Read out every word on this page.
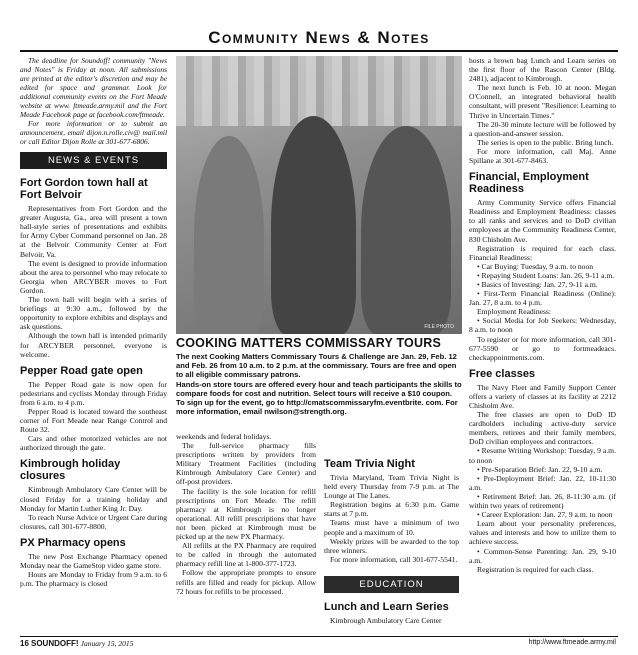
Community News & Notes

The deadline for Soundoff! community "News and Notes" is Friday at noon. All submissions are printed at the editor's discretion and may be edited for space and grammar. Look for additional community events on the Fort Meade website at www. ftmeade.army.mil and the Fort Meade Facebook page at facebook.com/ftmeade.

For more information or to submit an announcement, email dijon.n.rolle.civ@ mail.mil or call Editor Dijon Rolle at 301-677-6806.

NEWS & EVENTS
Fort Gordon town hall at Fort Belvoir

Representatives from Fort Gordon and the greater Augusta, Ga., area will present a town hall-style series of presentations and exhibits for Army Cyber Command personnel on Jan. 28 at the Belvoir Community Center at Fort Belvoir, Va.

The event is designed to provide information about the area to personnel who may relocate to Georgia when ARCYBER moves to Fort Gordon.

The town hall will begin with a series of briefings at 9:30 a.m., followed by the opportunity to explore exhibits and displays and ask questions.

Although the town hall is intended primarily for ARCYBER personnel, everyone is welcome.

Pepper Road gate open

The Pepper Road gate is now open for pedestrians and cyclists Monday through Friday from 6 a.m. to 4 p.m.

Pepper Road is located toward the southeast corner of Fort Meade near Range Control and Route 32.

Cars and other motorized vehicles are not authorized through the gate.

Kimbrough holiday closures

Kimbrough Ambulatory Care Center will be closed Friday for a training holiday and Monday for Martin Luther King Jr. Day.

To reach Nurse Advice or Urgent Care during closures, call 301-677-8800.

PX Pharmacy opens

The new Post Exchange Pharmacy opened Monday near the GameStop video game store.

Hours are Monday to Friday from 9 a.m. to 6 p.m. The pharmacy is closed

FILE PHOTO
COOKING MATTERS COMMISSARY TOURS

The next Cooking Matters Commissary Tours & Challenge are Jan. 29, Feb. 12 and Feb. 26 from 10 a.m. to 2 p.m. at the commissary. Tours are free and open to all eligible commissary patrons.

Hands-on store tours are offered every hour and teach participants the skills to compare foods for cost and nutrition. Select tours will receive a $10 coupon.

To sign up for the event, go to http://cmatscommissaryfm.eventbrite. com. For more information, email nwilson@strength.org.

weekends and federal holidays.

The full-service pharmacy fills prescriptions written by providers from Military Treatment Facilities (including Kimbrough Ambulatory Care Center) and off-post providers.

The facility is the sole location for refill prescriptions on Fort Meade. The refill pharmacy at Kimbrough is no longer operational. All refill prescriptions that have not been picked at Kimbrough must be picked up at the new PX Pharmacy.

All refills at the PX Pharmacy are required to be called in through the automated pharmacy refill line at 1-800-377-1723.

Follow the appropriate prompts to ensure refills are filled and ready for pickup. Allow 72 hours for refills to be processed.

Team Trivia Night

Trivia Maryland, Team Trivia Night is held every Thursday from 7-9 p.m. at The Lounge at The Lanes.

Registration begins at 6:30 p.m. Game starts at 7 p.m.

Teams must have a minimum of two people and a maximum of 10.

Weekly prizes will be awarded to the top three winners.

For more information, call 301-677-5541.

EDUCATION
Lunch and Learn Series

Kimbrough Ambulatory Care Center

hosts a brown bag Lunch and Learn series on the first floor of the Rascon Center (Bldg. 2481), adjacent to Kimbrough.

The next lunch is Feb. 10 at noon. Megan O'Connell, an integrated behavioral health consultant, will present "Resilience: Learning to Thrive in Uncertain Times."

The 20-30 minute lecture will be followed by a question-and-answer session.

The series is open to the public. Bring lunch.

For more information, call Maj. Anne Spillane at 301-677-8463.

Financial, Employment Readiness

Army Community Service offers Financial Readiness and Employment Readiness: classes to all ranks and services and to DoD civilian employees at the Community Readiness Center, 830 Chisholm Ave.

Registration is required for each class. Financial Readiness:

• Car Buying: Tuesday, 9 a.m. to noon

• Repaying Student Loans: Jan. 26, 9-11 a.m.

• Basics of Investing: Jan. 27, 9-11 a.m.

• First-Term Financial Readiness (Online): Jan. 27, 8 a.m. to 4 p.m.

Employment Readiness:

• Social Media for Job Seekers: Wednesday, 8 a.m. to noon

To register or for more information, call 301-677-5590 or go to fortmeadeacs. checkappointments.com.

Free classes

The Navy Fleet and Family Support Center offers a variety of classes at its facility at 2212 Chisholm Ave.

The free classes are open to DoD ID cardholders including active-duty service members, retirees and their family members, DoD civilian employees and contractors.

• Resume Writing Workshop: Tuesday, 9 a.m. to noon

• Pre-Separation Brief: Jan. 22, 9-10 a.m.

• Pre-Deployment Brief: Jan. 22, 10-11:30 a.m.

• Retirement Brief: Jan. 26, 8-11:30 a.m. (if within two years of retirement)

• Career Exploration: Jan. 27, 9 a.m. to noon

Learn about your personality preferences, values and interests and how to utilize them to achieve success.

• Common-Sense Parenting: Jan. 29, 9-10 a.m.

Registration is required for each class.

16 SOUNDOFF! January 15, 2015	http://www.ftmeade.army.mil
